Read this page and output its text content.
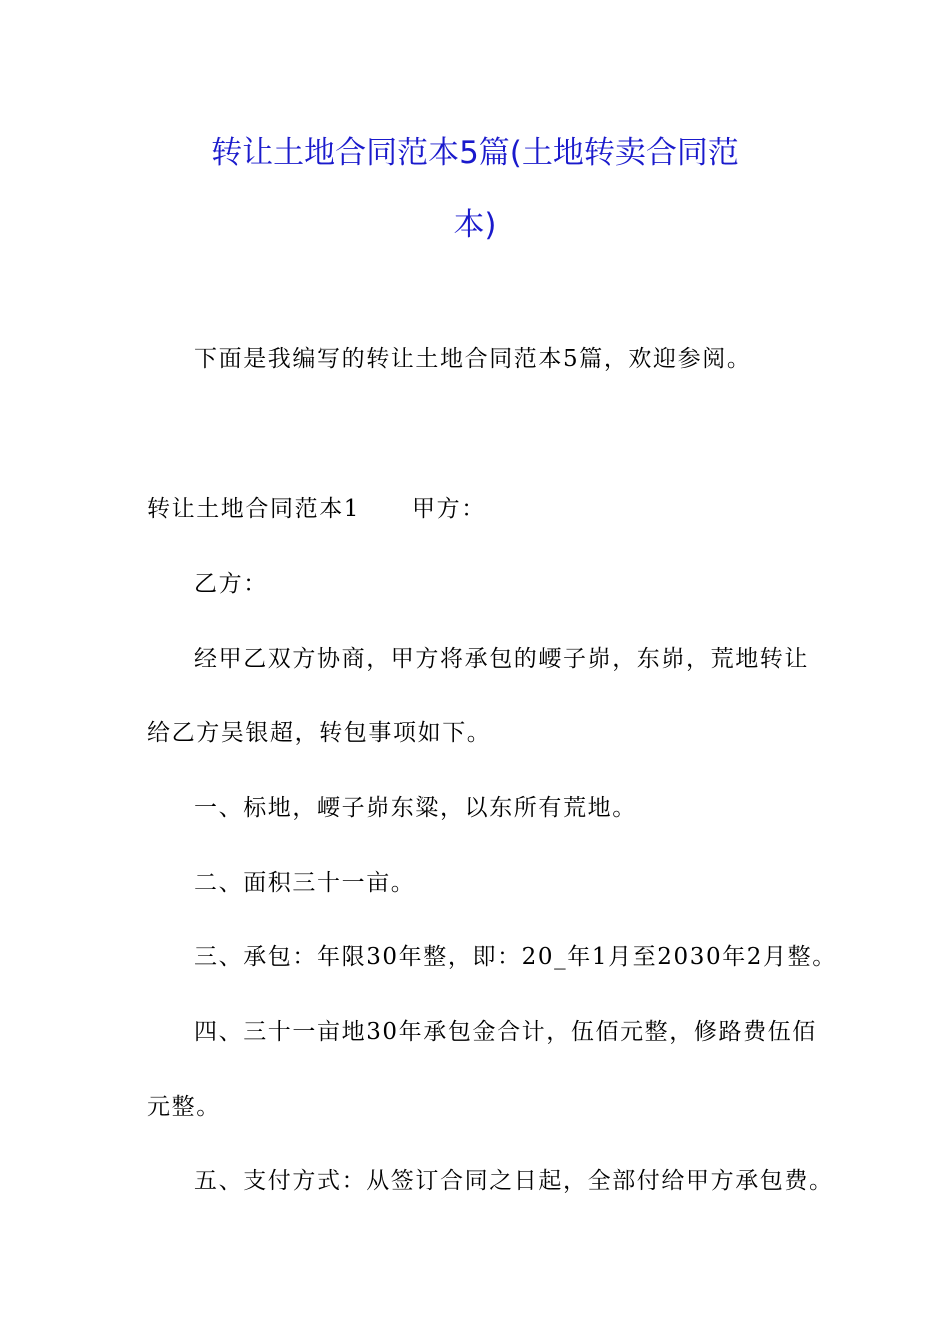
转让土地合同范本5篇(土地转卖合同范
本)

下面是我编写的转让土地合同范本5篇，欢迎参阅。

转让土地合同范本1 甲方：

乙方：

经甲乙双方协商，甲方将承包的崾子峁，东峁，荒地转让

给乙方吴银超，转包事项如下。

一、标地，崾子峁东粱，以东所有荒地。

二、面积三十一亩。

三、承包：年限30年整，即：20_年1月至2030年2月整。

四、三十一亩地30年承包金合计，伍佰元整，修路费伍佰

元整。

五、支付方式：从签订合同之日起，全部付给甲方承包费。
